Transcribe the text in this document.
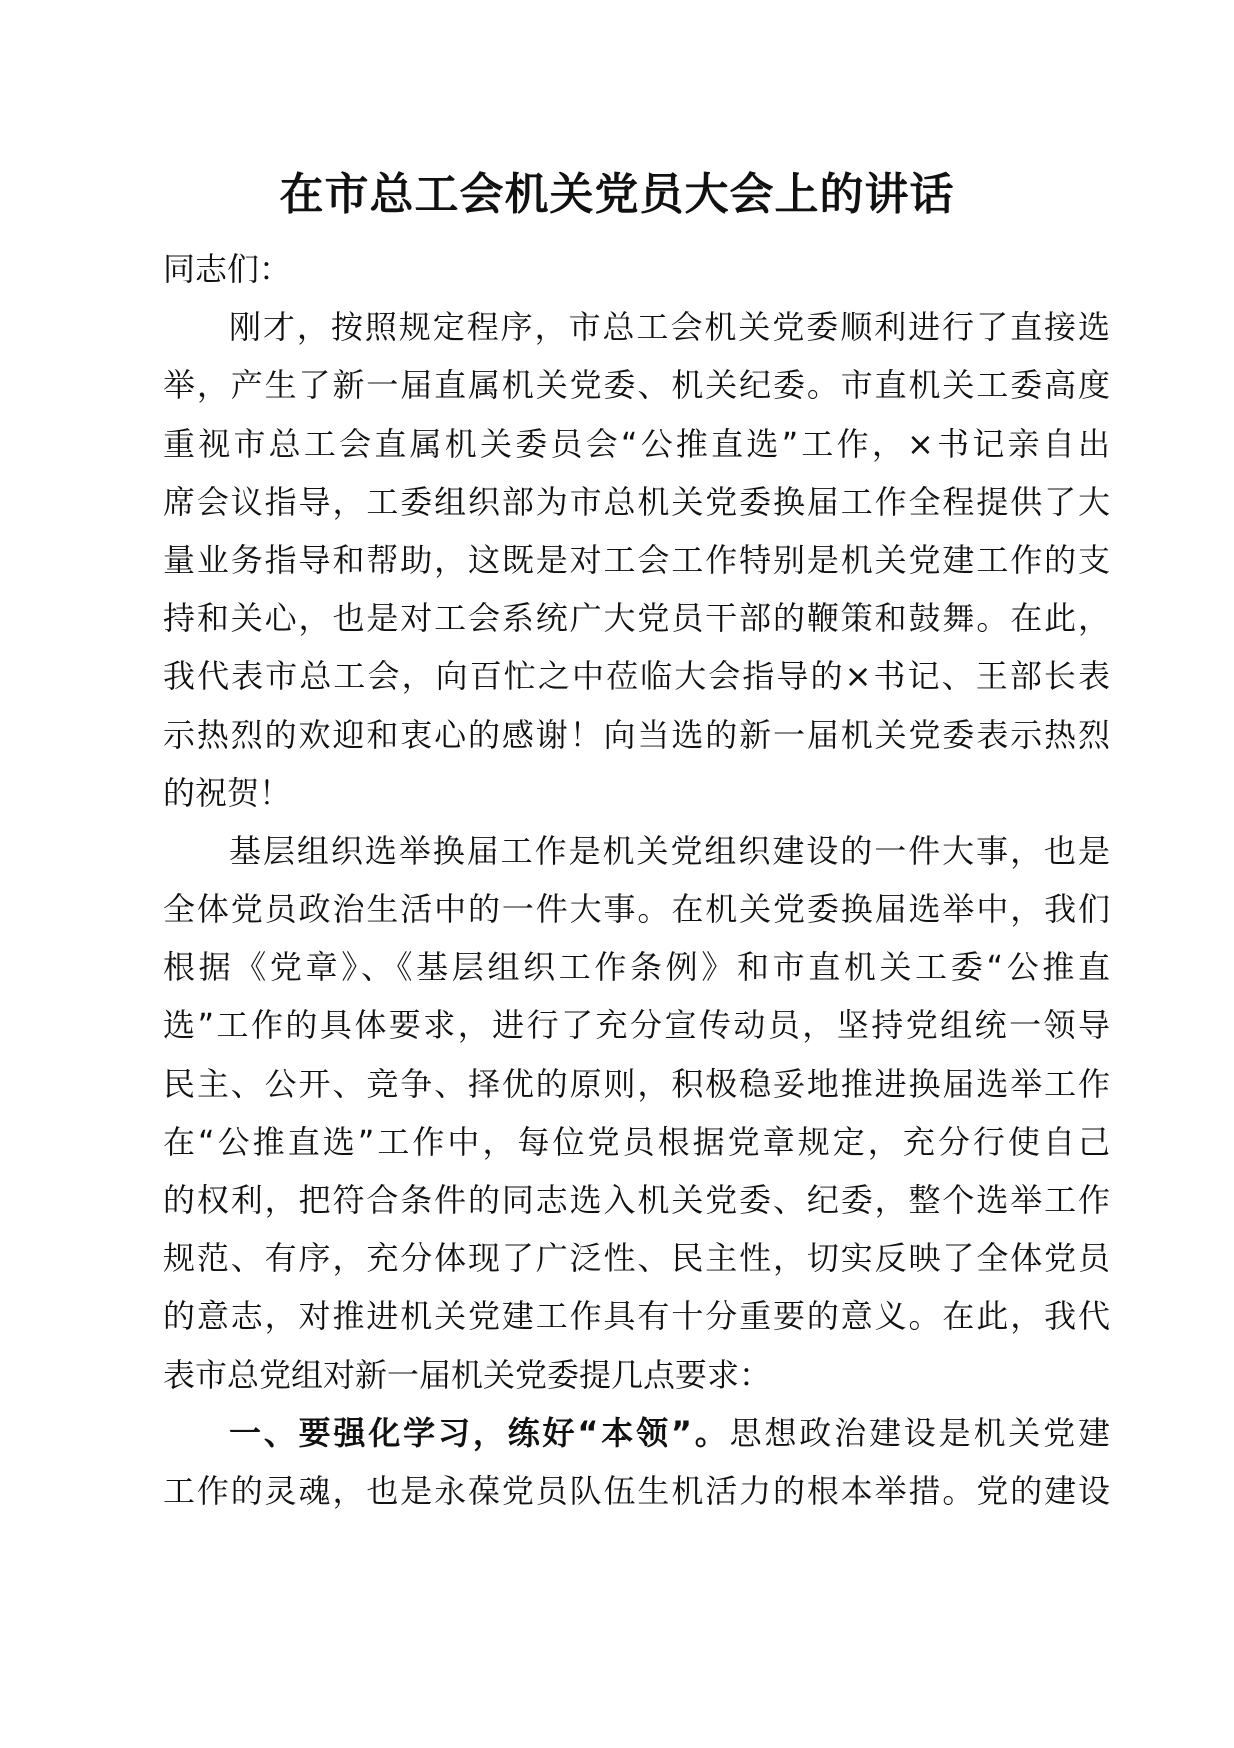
在市总工会机关党员大会上的讲话
同志们：
刚才，按照规定程序，市总工会机关党委顺利进行了直接选
举，产生了新一届直属机关党委、机关纪委。市直机关工委高度
重视市总工会直属机关委员会“公推直选”工作，×书记亲自出
席会议指导，工委组织部为市总机关党委换届工作全程提供了大
量业务指导和帮助，这既是对工会工作特别是机关党建工作的支
持和关心，也是对工会系统广大党员干部的鞭策和鼓舞。在此，
我代表市总工会，向百忙之中莅临大会指导的×书记、王部长表
示热烈的欢迎和衷心的感谢！向当选的新一届机关党委表示热烈
的祝贺！
基层组织选举换届工作是机关党组织建设的一件大事，也是
全体党员政治生活中的一件大事。在机关党委换届选举中，我们
根据《党章》、《基层组织工作条例》和市直机关工委“公推直
选”工作的具体要求，进行了充分宣传动员，坚持党组统一领导
民主、公开、竞争、择优的原则，积极稳妥地推进换届选举工作
在“公推直选”工作中，每位党员根据党章规定，充分行使自己
的权利，把符合条件的同志选入机关党委、纪委，整个选举工作
规范、有序，充分体现了广泛性、民主性，切实反映了全体党员
的意志，对推进机关党建工作具有十分重要的意义。在此，我代
表市总党组对新一届机关党委提几点要求：
一、要强化学习，练好“本领”。思想政治建设是机关党建
工作的灵魂，也是永葆党员队伍生机活力的根本举措。党的建设
